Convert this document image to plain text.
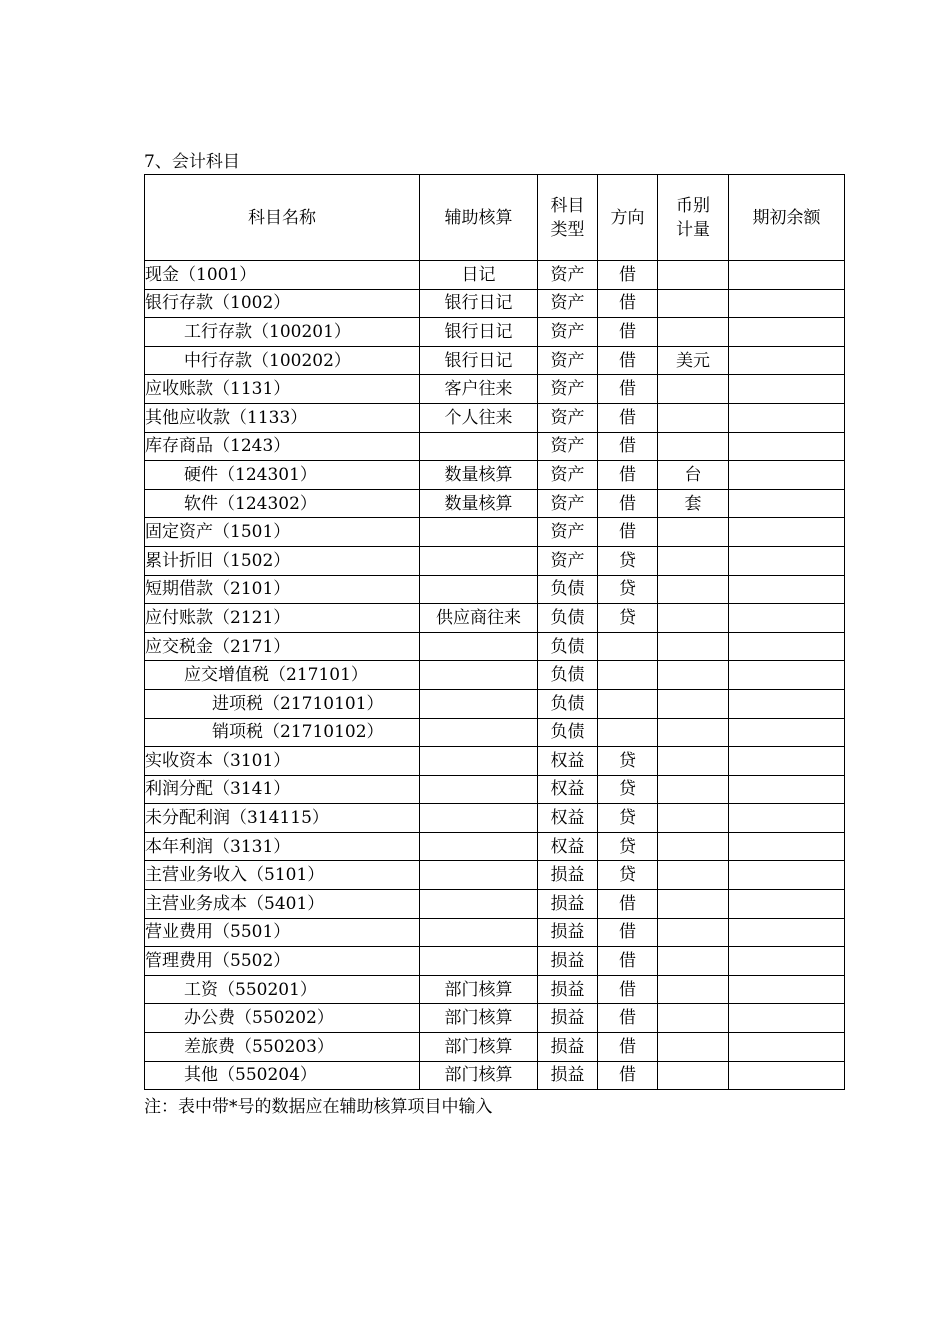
7、会计科目
科目名称	辅助核算	科目类型	方向	币别计量	期初余额
现金（1001）	日记	资产	借		
银行存款（1002）	银行日记	资产	借		
工行存款（100201）	银行日记	资产	借		
中行存款（100202）	银行日记	资产	借	美元	
应收账款（1131）	客户往来	资产	借		
其他应收款（1133）	个人往来	资产	借		
库存商品（1243）		资产	借		
硬件（124301）	数量核算	资产	借	台	
软件（124302）	数量核算	资产	借	套	
固定资产（1501）		资产	借		
累计折旧（1502）		资产	贷		
短期借款（2101）		负债	贷		
应付账款（2121）	供应商往来	负债	贷		
应交税金（2171）		负债			
应交增值税（217101）		负债			
进项税（21710101）		负债			
销项税（21710102）		负债			
实收资本（3101）		权益	贷		
利润分配（3141）		权益	贷		
未分配利润（314115）		权益	贷		
本年利润（3131）		权益	贷		
主营业务收入（5101）		损益	贷		
主营业务成本（5401）		损益	借		
营业费用（5501）		损益	借		
管理费用（5502）		损益	借		
工资（550201）	部门核算	损益	借		
办公费（550202）	部门核算	损益	借		
差旅费（550203）	部门核算	损益	借		
其他（550204）	部门核算	损益	借		
注：表中带*号的数据应在辅助核算项目中输入
